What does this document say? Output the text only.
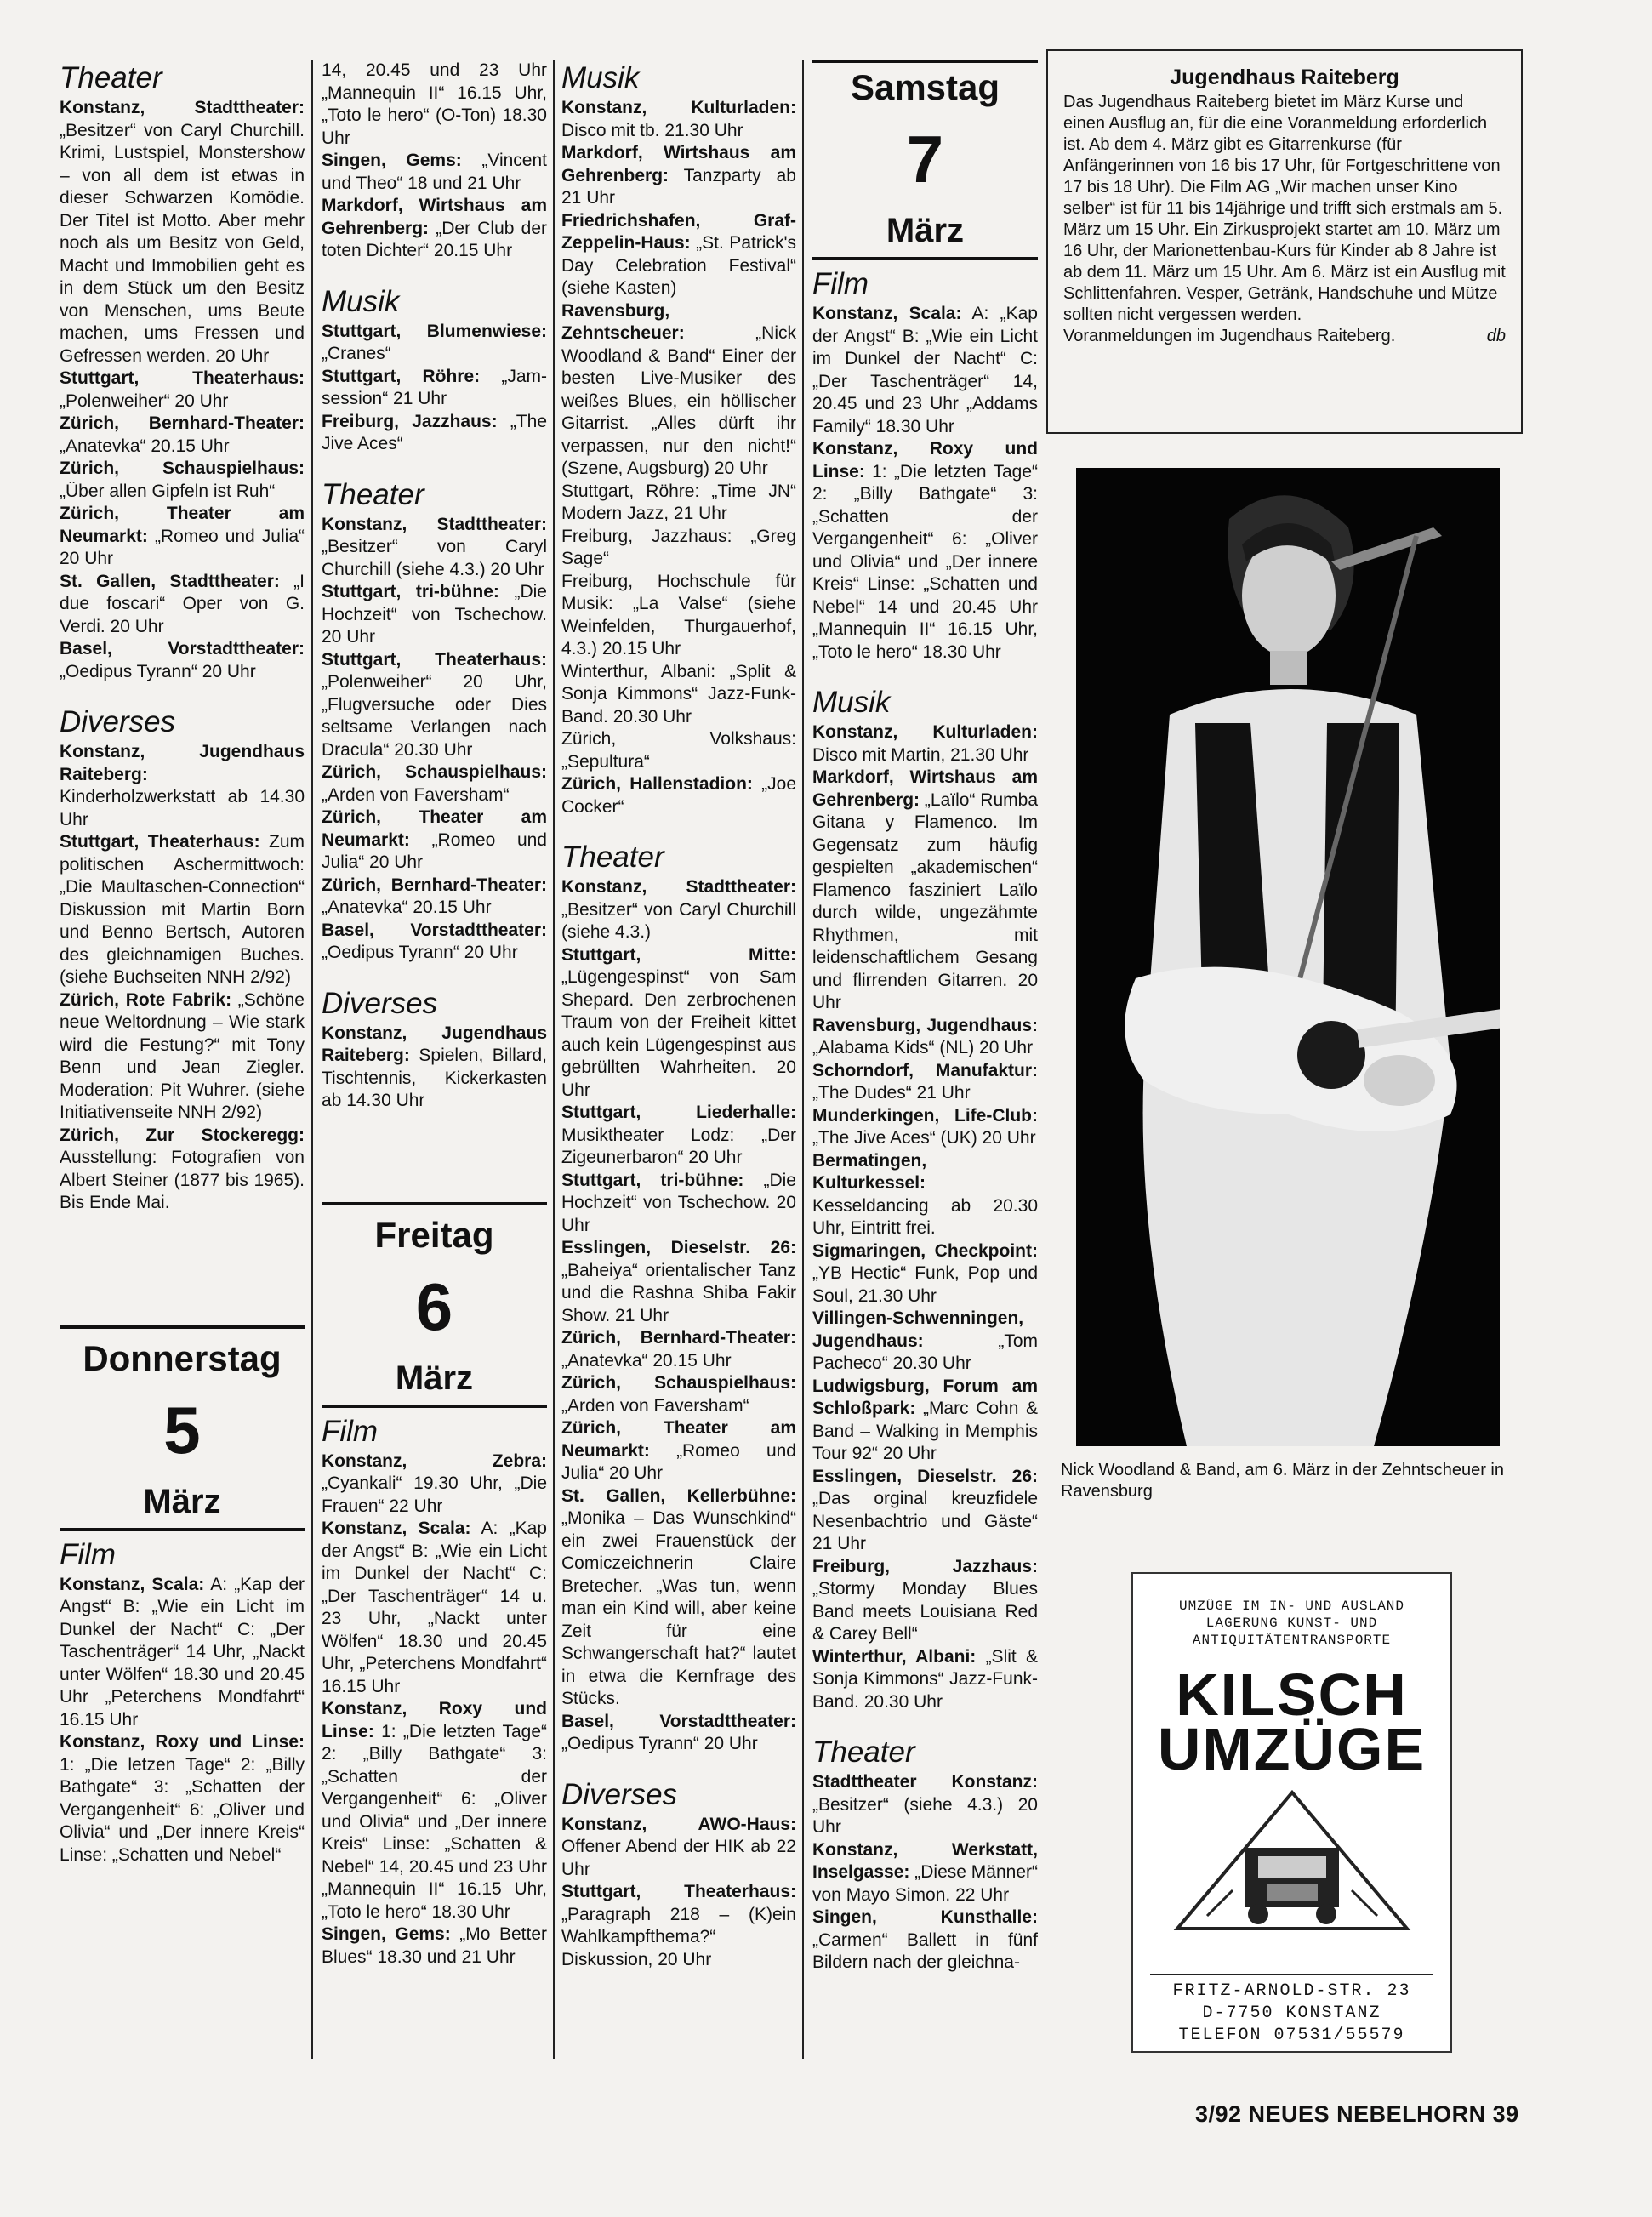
Theater

Konstanz, Stadttheater: „Besitzer“ von Caryl Churchill. Krimi, Lustspiel, Monstershow – von all dem ist etwas in dieser Schwarzen Komödie. Der Titel ist Motto. Aber mehr noch als um Besitz von Geld, Macht und Immobilien geht es in dem Stück um den Besitz von Menschen, ums Beute machen, ums Fressen und Gefressen werden. 20 Uhr

Stuttgart, Theaterhaus: „Polenweiher“ 20 Uhr

Zürich, Bernhard-Theater: „Anatevka“ 20.15 Uhr

Zürich, Schauspielhaus: „Über allen Gipfeln ist Ruh“

Zürich, Theater am Neumarkt: „Romeo und Julia“ 20 Uhr

St. Gallen, Stadttheater: „I due foscari“ Oper von G. Verdi. 20 Uhr

Basel, Vorstadttheater: „Oedipus Tyrann“ 20 Uhr

Diverses

Konstanz, Jugendhaus Raiteberg: Kinderholzwerkstatt ab 14.30 Uhr

Stuttgart, Theaterhaus: Zum politischen Aschermittwoch: „Die Maultaschen-Connection“ Diskussion mit Martin Born und Benno Bertsch, Autoren des gleichnamigen Buches. (siehe Buchseiten NNH 2/92)

Zürich, Rote Fabrik: „Schöne neue Weltordnung – Wie stark wird die Festung?“ mit Tony Benn und Jean Ziegler. Moderation: Pit Wuhrer. (siehe Initiativenseite NNH 2/92)

Zürich, Zur Stockeregg: Ausstellung: Fotografien von Albert Steiner (1877 bis 1965). Bis Ende Mai.

Donnerstag
5
März
Film

Konstanz, Scala: A: „Kap der Angst“ B: „Wie ein Licht im Dunkel der Nacht“ C: „Der Taschenträger“ 14 Uhr, „Nackt unter Wölfen“ 18.30 und 20.45 Uhr „Peterchens Mondfahrt“ 16.15 Uhr

Konstanz, Roxy und Linse: 1: „Die letzen Tage“ 2: „Billy Bathgate“ 3: „Schatten der Vergangenheit“ 6: „Oliver und Olivia“ und „Der innere Kreis“ Linse: „Schatten und Nebel“

14, 20.45 und 23 Uhr „Mannequin II“ 16.15 Uhr, „Toto le hero“ (O-Ton) 18.30 Uhr

Singen, Gems: „Vincent und Theo“ 18 und 21 Uhr

Markdorf, Wirtshaus am Gehrenberg: „Der Club der toten Dichter“ 20.15 Uhr

Musik

Stuttgart, Blumenwiese: „Cranes“

Stuttgart, Röhre: „Jam-session“ 21 Uhr

Freiburg, Jazzhaus: „The Jive Aces“

Theater

Konstanz, Stadttheater: „Besitzer“ von Caryl Churchill (siehe 4.3.) 20 Uhr

Stuttgart, tri-bühne: „Die Hochzeit“ von Tschechow. 20 Uhr

Stuttgart, Theaterhaus: „Polenweiher“ 20 Uhr, „Flugversuche oder Dies seltsame Verlangen nach Dracula“ 20.30 Uhr

Zürich, Schauspielhaus: „Arden von Faversham“

Zürich, Theater am Neumarkt: „Romeo und Julia“ 20 Uhr

Zürich, Bernhard-Theater: „Anatevka“ 20.15 Uhr

Basel, Vorstadttheater: „Oedipus Tyrann“ 20 Uhr

Diverses

Konstanz, Jugendhaus Raiteberg: Spielen, Billard, Tischtennis, Kickerkasten ab 14.30 Uhr

Freitag
6
März
Film

Konstanz, Zebra: „Cyankali“ 19.30 Uhr, „Die Frauen“ 22 Uhr

Konstanz, Scala: A: „Kap der Angst“ B: „Wie ein Licht im Dunkel der Nacht“ C: „Der Taschenträger“ 14 u. 23 Uhr, „Nackt unter Wölfen“ 18.30 und 20.45 Uhr, „Peterchens Mondfahrt“ 16.15 Uhr

Konstanz, Roxy und Linse: 1: „Die letzten Tage“ 2: „Billy Bathgate“ 3: „Schatten der Vergangenheit“ 6: „Oliver und Olivia“ und „Der innere Kreis“ Linse: „Schatten & Nebel“ 14, 20.45 und 23 Uhr „Mannequin II“ 16.15 Uhr, „Toto le hero“ 18.30 Uhr

Singen, Gems: „Mo Better Blues“ 18.30 und 21 Uhr

Musik

Konstanz, Kulturladen: Disco mit tb. 21.30 Uhr

Markdorf, Wirtshaus am Gehrenberg: Tanzparty ab 21 Uhr

Friedrichshafen, Graf-Zeppelin-Haus: „St. Patrick's Day Celebration Festival“ (siehe Kasten)

Ravensburg, Zehntscheuer: „Nick Woodland & Band“ Einer der besten Live-Musiker des weißes Blues, ein höllischer Gitarrist. „Alles dürft ihr verpassen, nur den nicht!“ (Szene, Augsburg) 20 Uhr

Stuttgart, Röhre: „Time JN“ Modern Jazz, 21 Uhr

Freiburg, Jazzhaus: „Greg Sage“

Freiburg, Hochschule für Musik: „La Valse“ (siehe Weinfelden, Thurgauerhof, 4.3.) 20.15 Uhr

Winterthur, Albani: „Split & Sonja Kimmons“ Jazz-Funk-Band. 20.30 Uhr

Zürich, Volkshaus: „Sepultura“

Zürich, Hallenstadion: „Joe Cocker“

Theater

Konstanz, Stadttheater: „Besitzer“ von Caryl Churchill (siehe 4.3.)

Stuttgart, Mitte: „Lügengespinst“ von Sam Shepard. Den zerbrochenen Traum von der Freiheit kittet auch kein Lügengespinst aus gebrüllten Wahrheiten. 20 Uhr

Stuttgart, Liederhalle: Musiktheater Lodz: „Der Zigeunerbaron“ 20 Uhr

Stuttgart, tri-bühne: „Die Hochzeit“ von Tschechow. 20 Uhr

Esslingen, Dieselstr. 26: „Baheiya“ orientalischer Tanz und die Rashna Shiba Fakir Show. 21 Uhr

Zürich, Bernhard-Theater: „Anatevka“ 20.15 Uhr

Zürich, Schauspielhaus: „Arden von Faversham“

Zürich, Theater am Neumarkt: „Romeo und Julia“ 20 Uhr

St. Gallen, Kellerbühne: „Monika – Das Wunschkind“ ein zwei Frauenstück der Comiczeichnerin Claire Bretecher. „Was tun, wenn man ein Kind will, aber keine Zeit für eine Schwangerschaft hat?“ lautet in etwa die Kernfrage des Stücks.

Basel, Vorstadttheater: „Oedipus Tyrann“ 20 Uhr

Diverses

Konstanz, AWO-Haus: Offener Abend der HIK ab 22 Uhr

Stuttgart, Theaterhaus: „Paragraph 218 – (K)ein Wahlkampfthema?“ Diskussion, 20 Uhr

Samstag
7
März
Film

Konstanz, Scala: A: „Kap der Angst“ B: „Wie ein Licht im Dunkel der Nacht“ C: „Der Taschenträger“ 14, 20.45 und 23 Uhr „Addams Family“ 18.30 Uhr

Konstanz, Roxy und Linse: 1: „Die letzten Tage“ 2: „Billy Bathgate“ 3: „Schatten der Vergangenheit“ 6: „Oliver und Olivia“ und „Der innere Kreis“ Linse: „Schatten und Nebel“ 14 und 20.45 Uhr „Mannequin II“ 16.15 Uhr, „Toto le hero“ 18.30 Uhr

Musik

Konstanz, Kulturladen: Disco mit Martin, 21.30 Uhr

Markdorf, Wirtshaus am Gehrenberg: „Laïlo“ Rumba Gitana y Flamenco. Im Gegensatz zum häufig gespielten „akademischen“ Flamenco fasziniert Laïlo durch wilde, ungezähmte Rhythmen, mit leidenschaftlichem Gesang und flirrenden Gitarren. 20 Uhr

Ravensburg, Jugendhaus: „Alabama Kids“ (NL) 20 Uhr

Schorndorf, Manufaktur: „The Dudes“ 21 Uhr

Munderkingen, Life-Club: „The Jive Aces“ (UK) 20 Uhr

Bermatingen, Kulturkessel: Kesseldancing ab 20.30 Uhr, Eintritt frei.

Sigmaringen, Checkpoint: „YB Hectic“ Funk, Pop und Soul, 21.30 Uhr

Villingen-Schwenningen, Jugendhaus: „Tom Pacheco“ 20.30 Uhr

Ludwigsburg, Forum am Schloßpark: „Marc Cohn & Band – Walking in Memphis Tour 92“ 20 Uhr

Esslingen, Dieselstr. 26: „Das orginal kreuzfidele Nesenbachtrio und Gäste“ 21 Uhr

Freiburg, Jazzhaus: „Stormy Monday Blues Band meets Louisiana Red & Carey Bell“

Winterthur, Albani: „Slit & Sonja Kimmons“ Jazz-Funk-Band. 20.30 Uhr

Theater

Stadttheater Konstanz: „Besitzer“ (siehe 4.3.) 20 Uhr

Konstanz, Werkstatt, Inselgasse: „Diese Männer“ von Mayo Simon. 22 Uhr

Singen, Kunsthalle: „Carmen“ Ballett in fünf Bildern nach der gleichna-

Jugendhaus Raiteberg

Das Jugendhaus Raiteberg bietet im März Kurse und einen Ausflug an, für die eine Voranmeldung erforderlich ist. Ab dem 4. März gibt es Gitarrenkurse (für Anfängerinnen von 16 bis 17 Uhr, für Fortgeschrittene von 17 bis 18 Uhr). Die Film AG „Wir machen unser Kino selber“ ist für 11 bis 14jährige und trifft sich erstmals am 5. März um 15 Uhr. Ein Zirkusprojekt startet am 10. März um 16 Uhr, der Marionettenbau-Kurs für Kinder ab 8 Jahre ist ab dem 11. März um 15 Uhr. Am 6. März ist ein Ausflug mit Schlittenfahren. Vesper, Getränk, Handschuhe und Mütze sollten nicht vergessen werden.

Voranmeldungen im Jugendhaus Raiteberg.	db

Nick Woodland & Band, am 6. März in der Zehntscheuer in Ravensburg
UMZÜGE IM IN- UND AUSLAND
LAGERUNG KUNST- UND
ANTIQUITÄTENTRANSPORTE
KILSCH
UMZÜGE
FRITZ-ARNOLD-STR. 23
D-7750 KONSTANZ
TELEFON 07531/55579
3/92 NEUES NEBELHORN 39
